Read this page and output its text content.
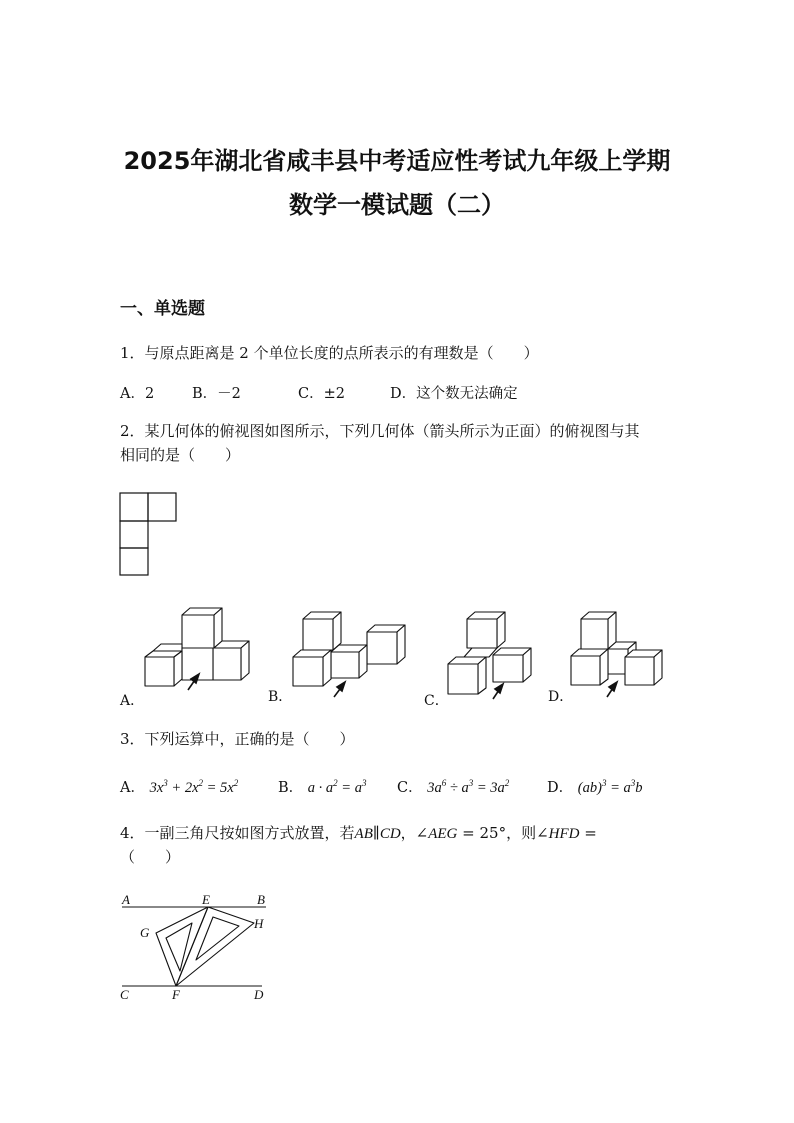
2025年湖北省咸丰县中考适应性考试九年级上学期
数学一模试题（二）
一、单选题
1．与原点距离是 2 个单位长度的点所表示的有理数是（　　）
A．2	B．－2	C．±2	D．这个数无法确定
2．某几何体的俯视图如图所示，下列几何体（箭头所示为正面）的俯视图与其
相同的是（　　）
A．	B．	C．	D．
3．下列运算中，正确的是（　　）
A． $3x^3 + 2x^2 = 5x^2$	B． $a \cdot a^2 = a^3$ C． $3a^6 \div a^3 = 3a^2$	D． $(ab)^3 = a^3b$
4．一副三角尺按如图方式放置，若AB∥CD，∠AEG = 25°，则∠HFD =
（　　）
A	E	B
G
H
C	F	D
